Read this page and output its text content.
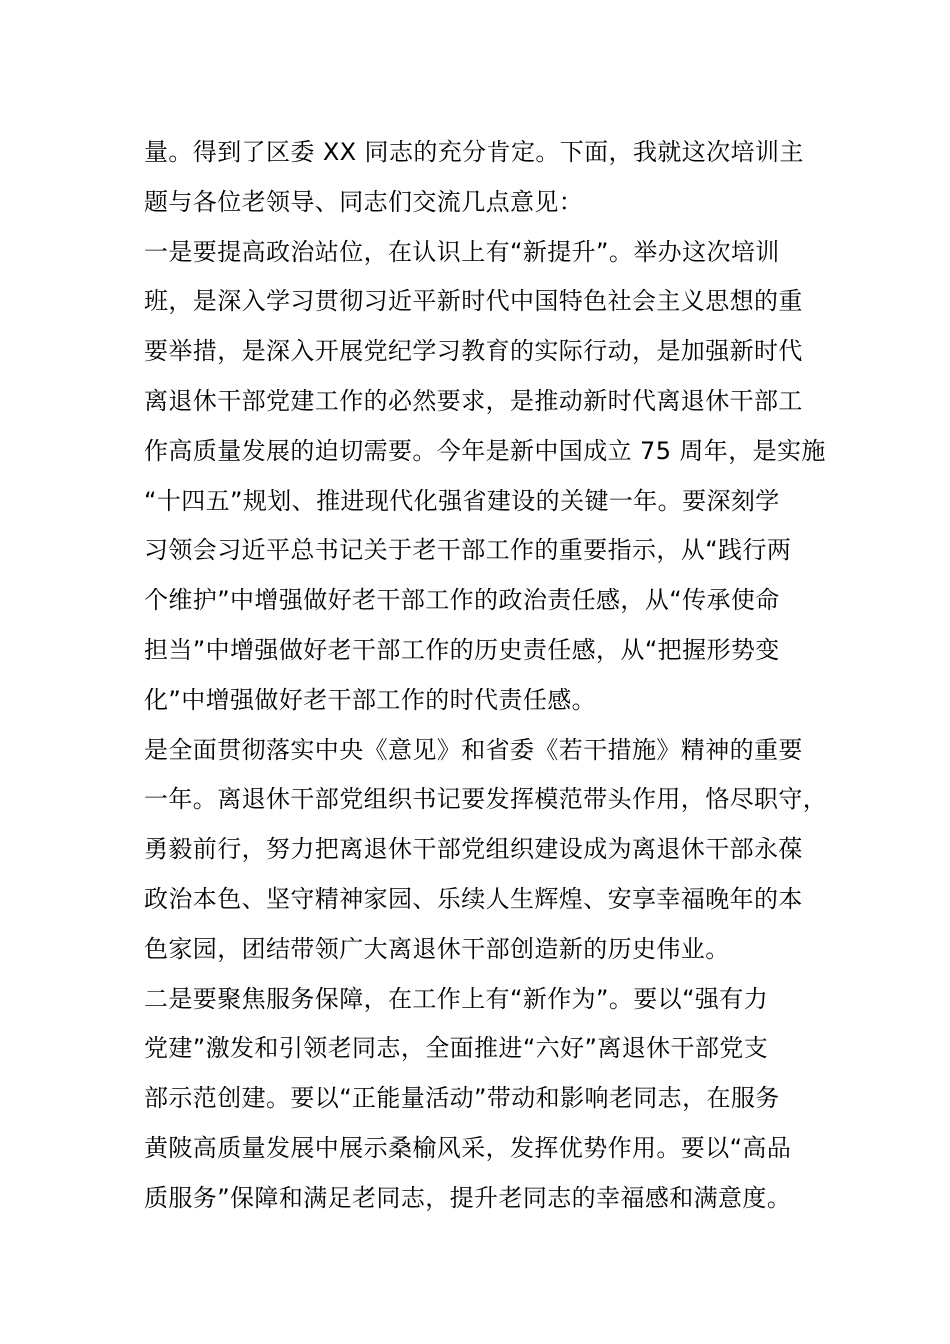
量。得到了区委 XX 同志的充分肯定。下面，我就这次培训主
题与各位老领导、同志们交流几点意见：
一是要提高政治站位，在认识上有“新提升”。举办这次培训
班，是深入学习贯彻习近平新时代中国特色社会主义思想的重
要举措，是深入开展党纪学习教育的实际行动，是加强新时代
离退休干部党建工作的必然要求，是推动新时代离退休干部工
作高质量发展的迫切需要。今年是新中国成立 75 周年，是实施
“十四五”规划、推进现代化强省建设的关键一年。要深刻学
习领会习近平总书记关于老干部工作的重要指示，从“践行两
个维护”中增强做好老干部工作的政治责任感，从“传承使命
担当”中增强做好老干部工作的历史责任感，从“把握形势变
化”中增强做好老干部工作的时代责任感。
是全面贯彻落实中央《意见》和省委《若干措施》精神的重要
一年。离退休干部党组织书记要发挥模范带头作用，恪尽职守，
勇毅前行，努力把离退休干部党组织建设成为离退休干部永葆
政治本色、坚守精神家园、乐续人生辉煌、安享幸福晚年的本
色家园，团结带领广大离退休干部创造新的历史伟业。
二是要聚焦服务保障，在工作上有“新作为”。要以“强有力
党建”激发和引领老同志，全面推进“六好”离退休干部党支
部示范创建。要以“正能量活动”带动和影响老同志，在服务
黄陂高质量发展中展示桑榆风采，发挥优势作用。要以“高品
质服务”保障和满足老同志，提升老同志的幸福感和满意度。
